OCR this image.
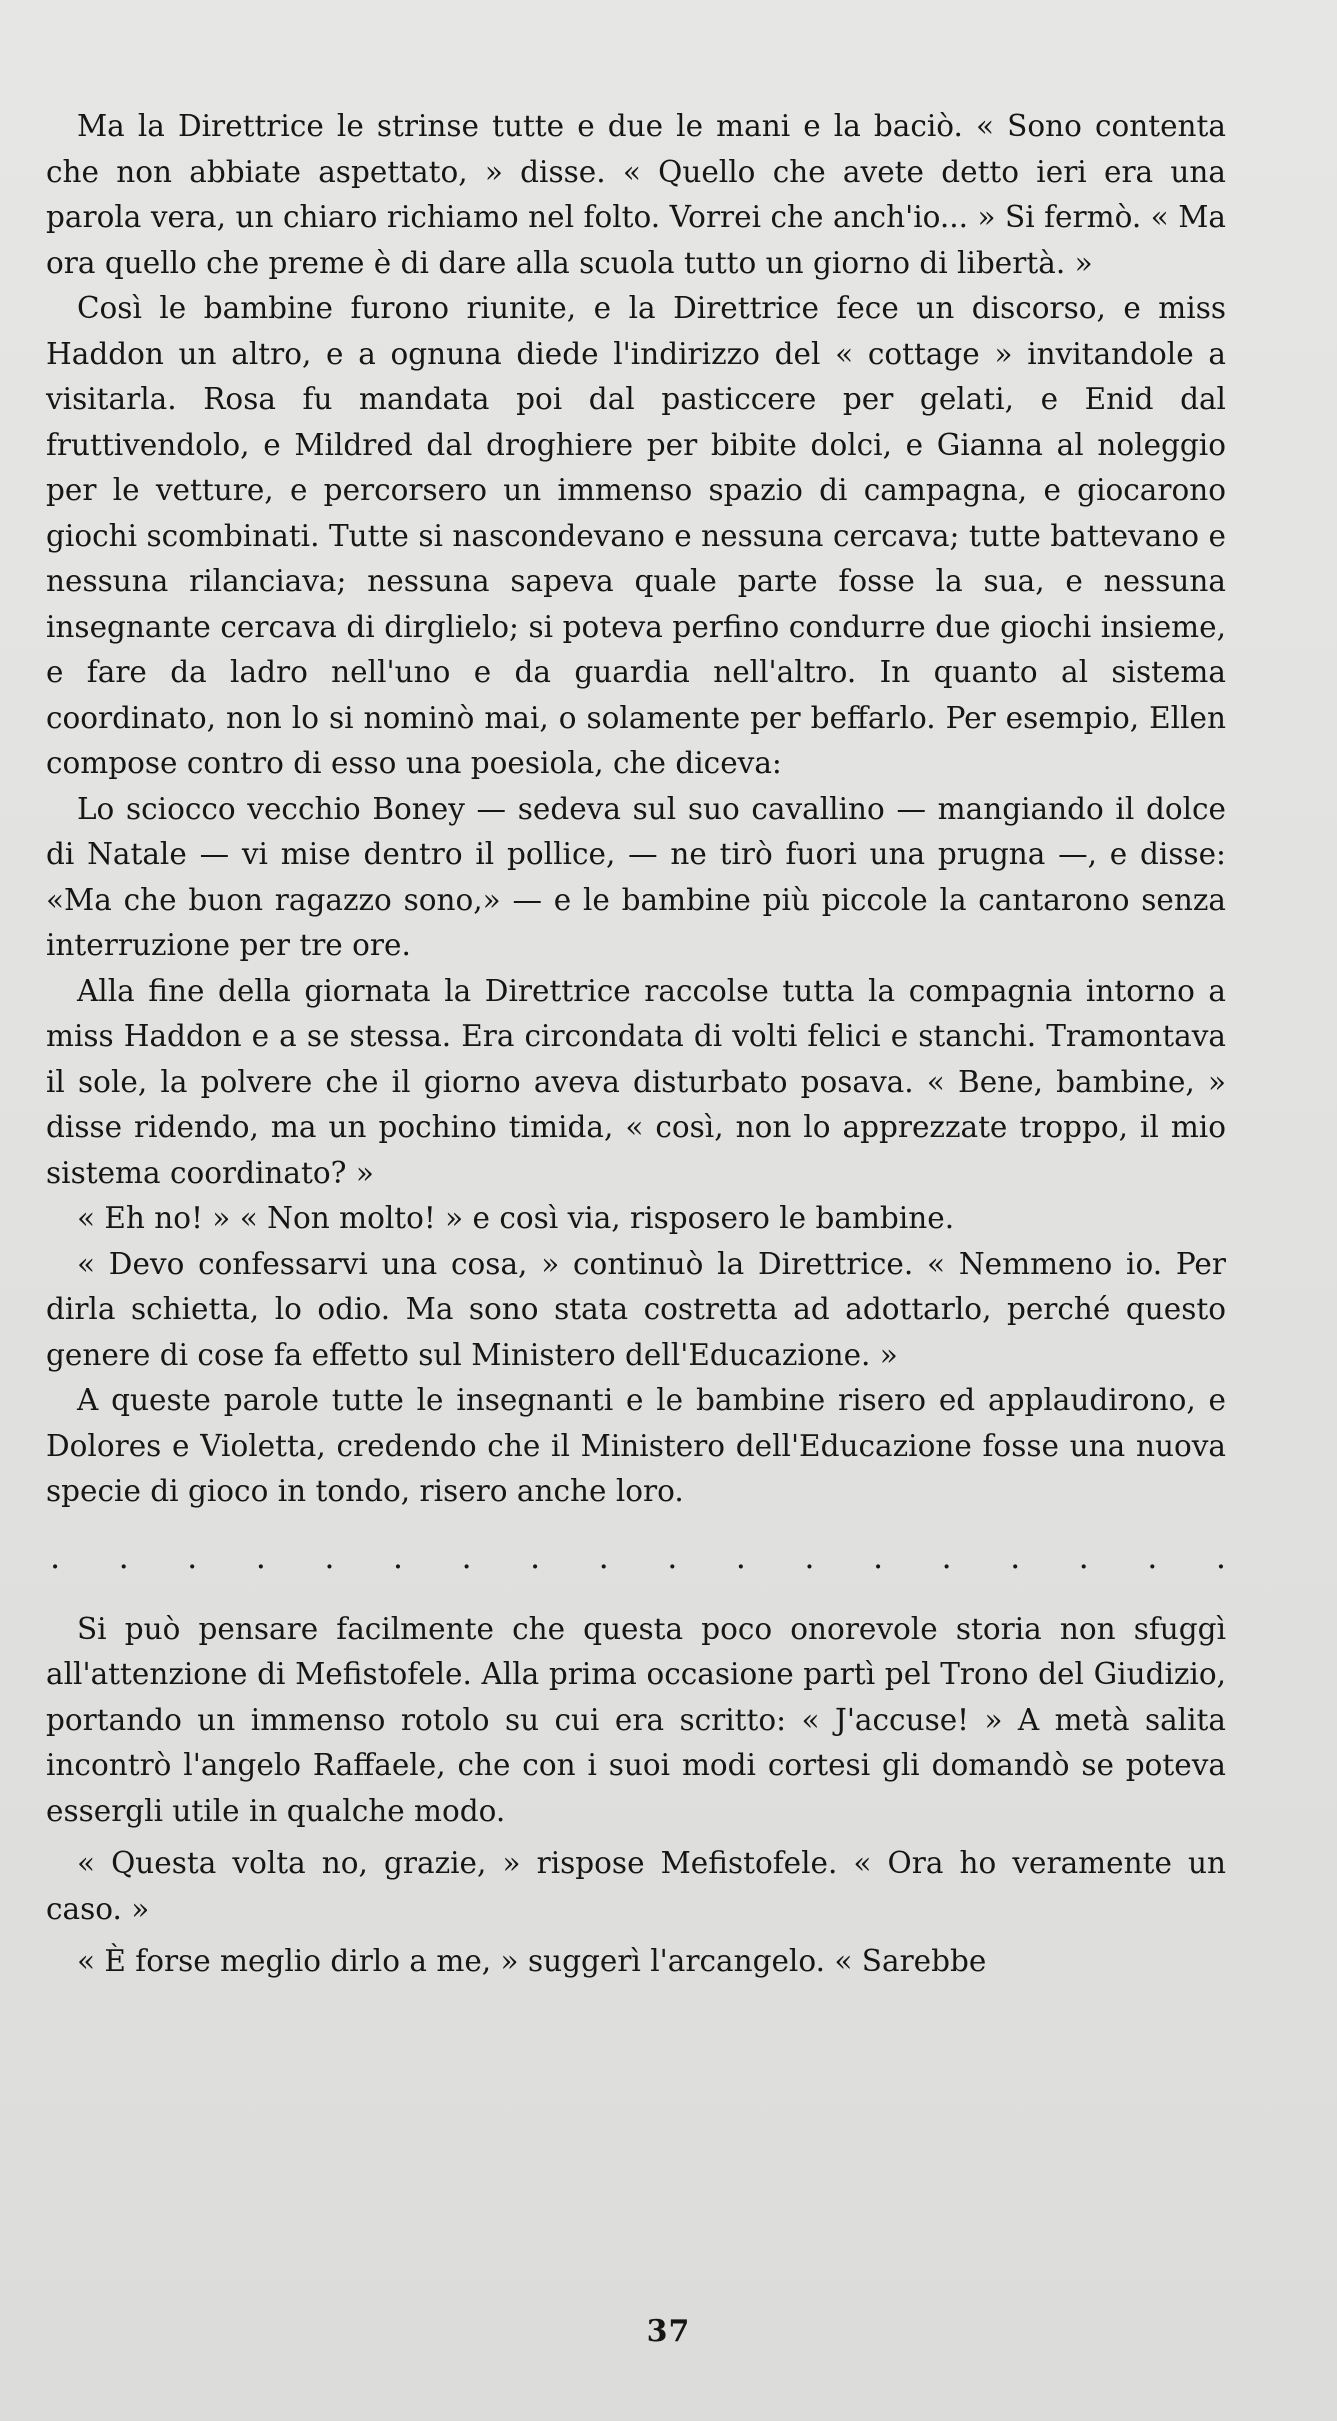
Ma la Direttrice le strinse tutte e due le mani e la baciò. « Sono contenta che non abbiate aspettato, » disse. « Quello che avete detto ieri era una parola vera, un chiaro richiamo nel folto. Vorrei che anch'io... » Si fermò. « Ma ora quello che preme è di dare alla scuola tutto un giorno di libertà. »

Così le bambine furono riunite, e la Direttrice fece un discorso, e miss Haddon un altro, e a ognuna diede l'indirizzo del « cottage » invitandole a visitarla. Rosa fu mandata poi dal pasticcere per gelati, e Enid dal fruttivendolo, e Mildred dal droghiere per bibite dolci, e Gianna al noleggio per le vetture, e percorsero un immenso spazio di campagna, e giocarono giochi scombinati. Tutte si nascondevano e nessuna cercava; tutte battevano e nessuna rilanciava; nessuna sapeva quale parte fosse la sua, e nessuna insegnante cercava di dirglielo; si poteva perfino condurre due giochi insieme, e fare da ladro nell'uno e da guardia nell'altro. In quanto al sistema coordinato, non lo si nominò mai, o solamente per beffarlo. Per esempio, Ellen compose contro di esso una poesiola, che diceva:

Lo sciocco vecchio Boney — sedeva sul suo cavallino — mangiando il dolce di Natale — vi mise dentro il pollice, — ne tirò fuori una prugna —, e disse: «Ma che buon ragazzo sono,» — e le bambine più piccole la cantarono senza interruzione per tre ore.

Alla fine della giornata la Direttrice raccolse tutta la compagnia intorno a miss Haddon e a se stessa. Era circondata di volti felici e stanchi. Tramontava il sole, la polvere che il giorno aveva disturbato posava. « Bene, bambine, » disse ridendo, ma un pochino timida, « così, non lo apprezzate troppo, il mio sistema coordinato? »

« Eh no! » « Non molto! » e così via, risposero le bambine.

« Devo confessarvi una cosa, » continuò la Direttrice. « Nemmeno io. Per dirla schietta, lo odio. Ma sono stata costretta ad adottarlo, perché questo genere di cose fa effetto sul Ministero dell'Educazione. »

A queste parole tutte le insegnanti e le bambine risero ed applaudirono, e Dolores e Violetta, credendo che il Ministero dell'Educazione fosse una nuova specie di gioco in tondo, risero anche loro.

. . . . . . . . . . . . . . . . . .

Si può pensare facilmente che questa poco onorevole storia non sfuggì all'attenzione di Mefistofele. Alla prima occasione partì pel Trono del Giudizio, portando un immenso rotolo su cui era scritto: « J'accuse! » A metà salita incontrò l'angelo Raffaele, che con i suoi modi cortesi gli domandò se poteva essergli utile in qualche modo.

« Questa volta no, grazie, » rispose Mefistofele. « Ora ho veramente un caso. »

« È forse meglio dirlo a me, » suggerì l'arcangelo. « Sarebbe

37
